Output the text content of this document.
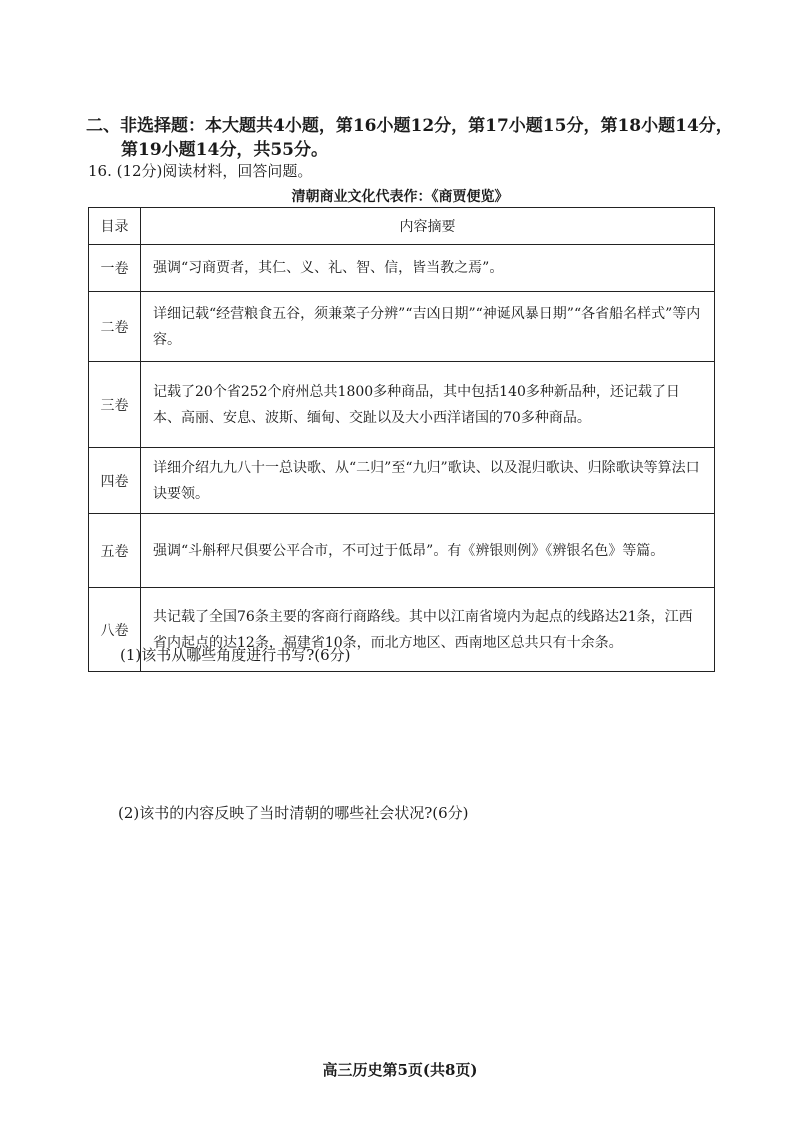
二、非选择题：本大题共4小题，第16小题12分，第17小题15分，第18小题14分，
第19小题14分，共55分。
16. (12分)阅读材料，回答问题。
清朝商业文化代表作：《商贾便览》
目录	内容摘要
一卷	强调“习商贾者，其仁、义、礼、智、信，皆当教之焉”。
二卷	详细记载“经营粮食五谷，须兼菜子分辨”“吉凶日期”“神诞风暴日期”“各省船名样式”等内容。
三卷	记载了20个省252个府州总共1800多种商品，其中包括140多种新品种，还记载了日本、高丽、安息、波斯、缅甸、交趾以及大小西洋诸国的70多种商品。
四卷	详细介绍九九八十一总诀歌、从“二归”至“九归”歌诀、以及混归歌诀、归除歌诀等算法口诀要领。
五卷	强调“斗斛秤尺俱要公平合市，不可过于低昂”。有《辨银则例》《辨银名色》等篇。
八卷	共记载了全国76条主要的客商行商路线。其中以江南省境内为起点的线路达21条，江西省内起点的达12条，福建省10条，而北方地区、西南地区总共只有十余条。
(1)该书从哪些角度进行书写?(6分)
(2)该书的内容反映了当时清朝的哪些社会状况?(6分)
高三历史第5页(共8页)
